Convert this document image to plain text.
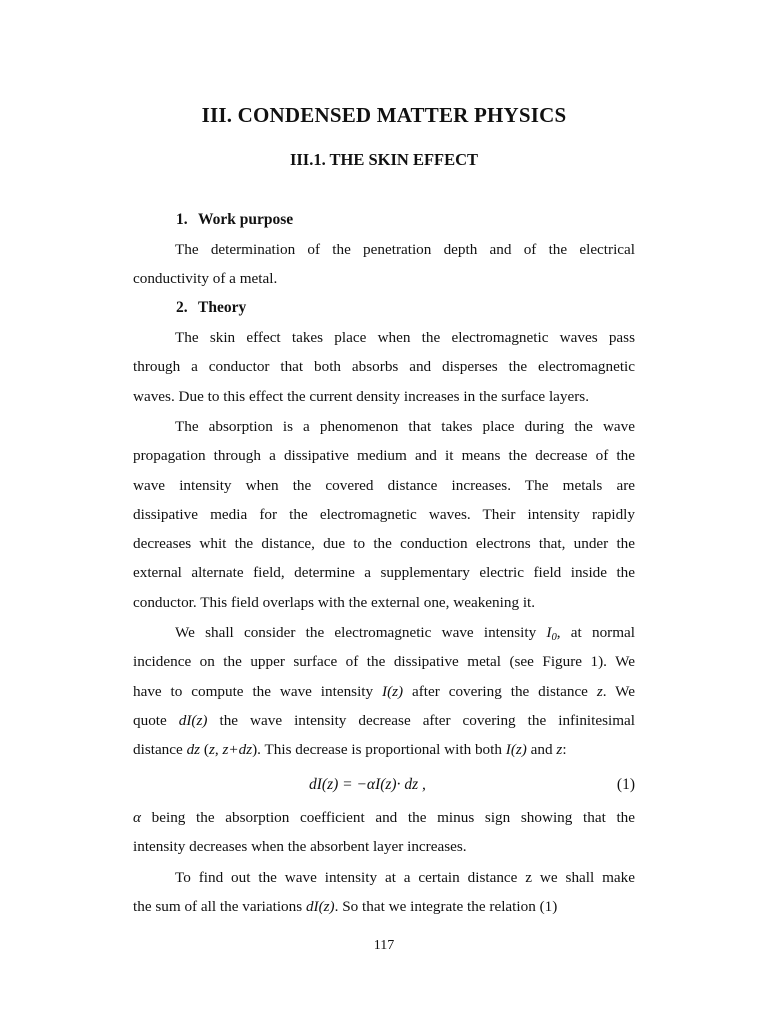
III. CONDENSED MATTER PHYSICS
III.1. THE SKIN EFFECT
1. Work purpose
The determination of the penetration depth and of the electrical
conductivity of a metal.
2. Theory
The skin effect takes place when the electromagnetic waves pass
through a conductor that both absorbs and disperses the electromagnetic
waves. Due to this effect the current density increases in the surface layers.
The absorption is a phenomenon that takes place during the wave
propagation through a dissipative medium and it means the decrease of the
wave intensity when the covered distance increases. The metals are
dissipative media for the electromagnetic waves. Their intensity rapidly
decreases whit the distance, due to the conduction electrons that, under the
external alternate field, determine a supplementary electric field inside the
conductor. This field overlaps with the external one, weakening it.
We shall consider the electromagnetic wave intensity $I_0$, at normal
incidence on the upper surface of the dissipative metal (see Figure 1). We
have to compute the wave intensity I(z) after covering the distance z. We
quote dI(z) the wave intensity decrease after covering the infinitesimal
distance dz (z, z+dz). This decrease is proportional with both I(z) and z:
dI(z) = −αI(z)· dz ,	(1)
α being the absorption coefficient and the minus sign showing that the
intensity decreases when the absorbent layer increases.
To find out the wave intensity at a certain distance z we shall make
the sum of all the variations dI(z). So that we integrate the relation (1)
117
